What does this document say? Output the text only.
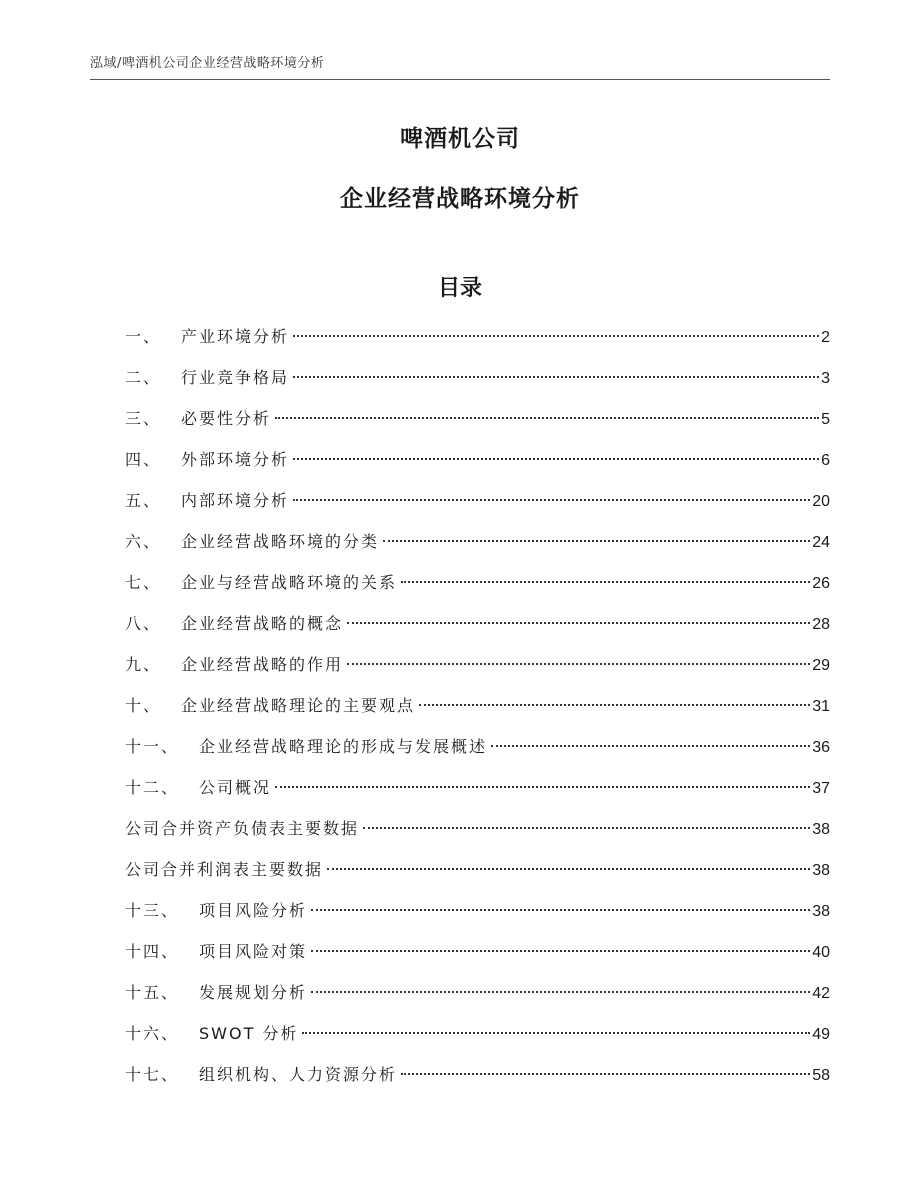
泓域/啤酒机公司企业经营战略环境分析
啤酒机公司
企业经营战略环境分析
目录
一、	产业环境分析	2
二、	行业竞争格局	3
三、	必要性分析	5
四、	外部环境分析	6
五、	内部环境分析	20
六、	企业经营战略环境的分类	24
七、	企业与经营战略环境的关系	26
八、	企业经营战略的概念	28
九、	企业经营战略的作用	29
十、	企业经营战略理论的主要观点	31
十一、	企业经营战略理论的形成与发展概述	36
十二、	公司概况	37
公司合并资产负债表主要数据	38
公司合并利润表主要数据	38
十三、	项目风险分析	38
十四、	项目风险对策	40
十五、	发展规划分析	42
十六、	SWOT 分析	49
十七、	组织机构、人力资源分析	58
